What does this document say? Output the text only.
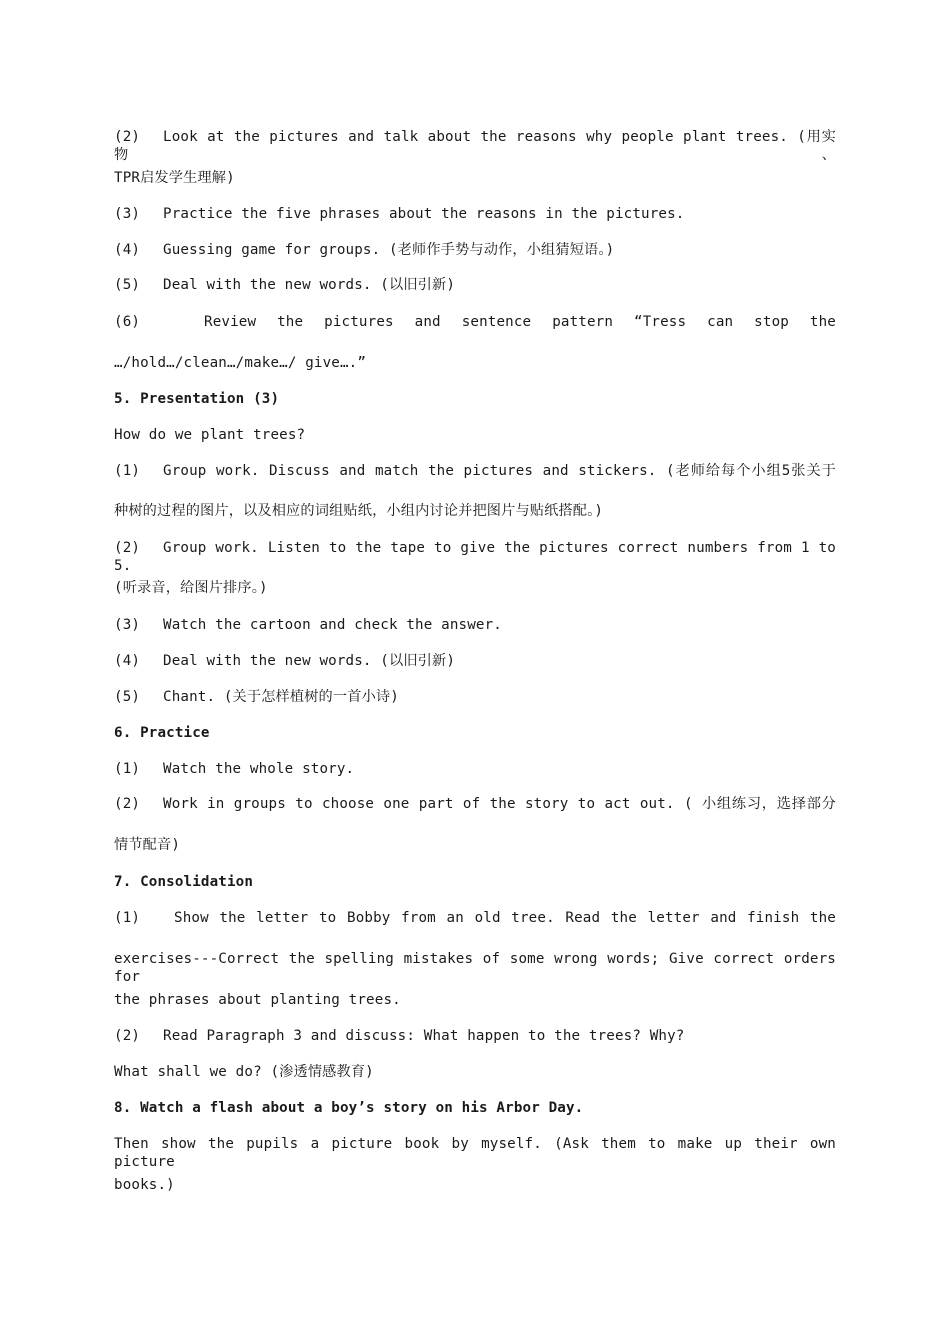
(2) Look at the pictures and talk about the reasons why people plant trees. (用实物、
TPR启发学生理解)
(3) Practice the five phrases about the reasons in the pictures.
(4) Guessing game for groups. (老师作手势与动作，小组猜短语。)
(5) Deal with the new words. (以旧引新)
(6)	Review the pictures and sentence pattern “Tress can stop the
…/hold…/clean…/make…/ give….”
5. Presentation (3)
How do we plant trees?
(1) Group work. Discuss and match the pictures and stickers. (老师给每个小组5张关于
种树的过程的图片，以及相应的词组贴纸，小组内讨论并把图片与贴纸搭配。)
(2) Group work. Listen to the tape to give the pictures correct numbers from 1 to 5.
(听录音，给图片排序。)
(3) Watch the cartoon and check the answer.
(4) Deal with the new words. (以旧引新)
(5) Chant. (关于怎样植树的一首小诗)
6. Practice
(1) Watch the whole story.
(2) Work in groups to choose one part of the story to act out. ( 小组练习，选择部分
情节配音)
7. Consolidation
(1) Show the letter to Bobby from an old tree. Read the letter and finish the
exercises---Correct the spelling mistakes of some wrong words; Give correct orders for
the phrases about planting trees.
(2) Read Paragraph 3 and discuss: What happen to the trees? Why?
What shall we do? (渗透情感教育)
8. Watch a flash about a boy’s story on his Arbor Day.
Then show the pupils a picture book by myself. (Ask them to make up their own picture
books.)
